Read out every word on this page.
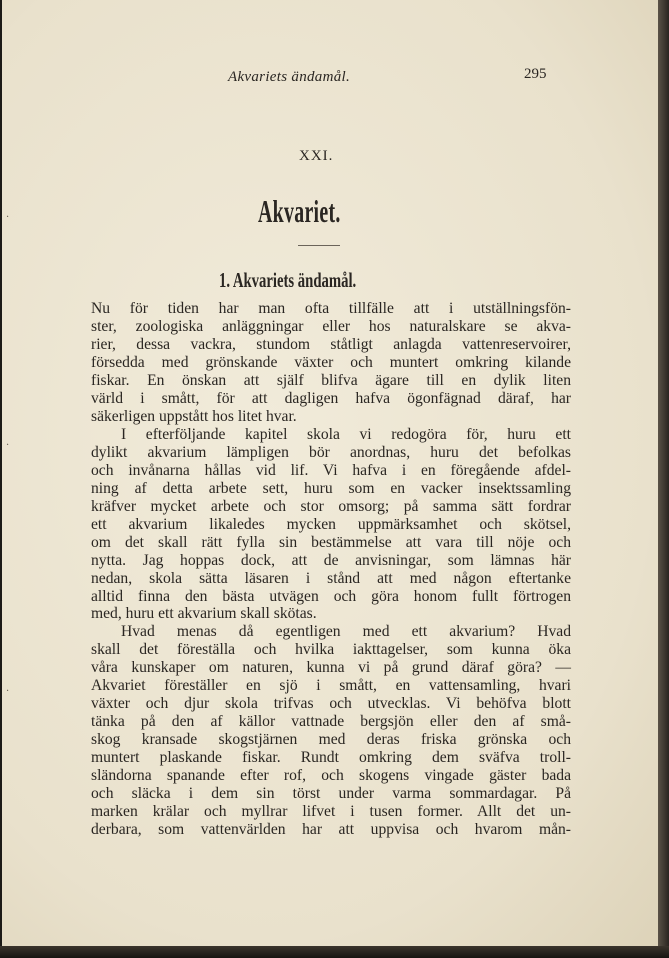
Akvariets ändamål.	295
XXI.
Akvariet.
1. Akvariets ändamål.
Nu för tiden har man ofta tillfälle att i utställningsfön-
ster, zoologiska anläggningar eller hos naturalskare se akva-
rier, dessa vackra, stundom ståtligt anlagda vattenreservoirer,
försedda med grönskande växter och muntert omkring kilande
fiskar. En önskan att själf blifva ägare till en dylik liten
värld i smått, för att dagligen hafva ögonfägnad däraf, har
säkerligen uppstått hos litet hvar.
I efterföljande kapitel skola vi redogöra för, huru ett
dylikt akvarium lämpligen bör anordnas, huru det befolkas
och invånarna hållas vid lif. Vi hafva i en föregående afdel-
ning af detta arbete sett, huru som en vacker insektssamling
kräfver mycket arbete och stor omsorg; på samma sätt fordrar
ett akvarium likaledes mycken uppmärksamhet och skötsel,
om det skall rätt fylla sin bestämmelse att vara till nöje och
nytta. Jag hoppas dock, att de anvisningar, som lämnas här
nedan, skola sätta läsaren i stånd att med någon eftertanke
alltid finna den bästa utvägen och göra honom fullt förtrogen
med, huru ett akvarium skall skötas.
Hvad menas då egentligen med ett akvarium? Hvad
skall det föreställa och hvilka iakttagelser, som kunna öka
våra kunskaper om naturen, kunna vi på grund däraf göra? —
Akvariet föreställer en sjö i smått, en vattensamling, hvari
växter och djur skola trifvas och utvecklas. Vi behöfva blott
tänka på den af källor vattnade bergsjön eller den af små-
skog kransade skogstjärnen med deras friska grönska och
muntert plaskande fiskar. Rundt omkring dem sväfva troll-
sländorna spanande efter rof, och skogens vingade gäster bada
och släcka i dem sin törst under varma sommardagar. På
marken krälar och myllrar lifvet i tusen former. Allt det un-
derbara, som vattenvärlden har att uppvisa och hvarom mån-
·
·
·
